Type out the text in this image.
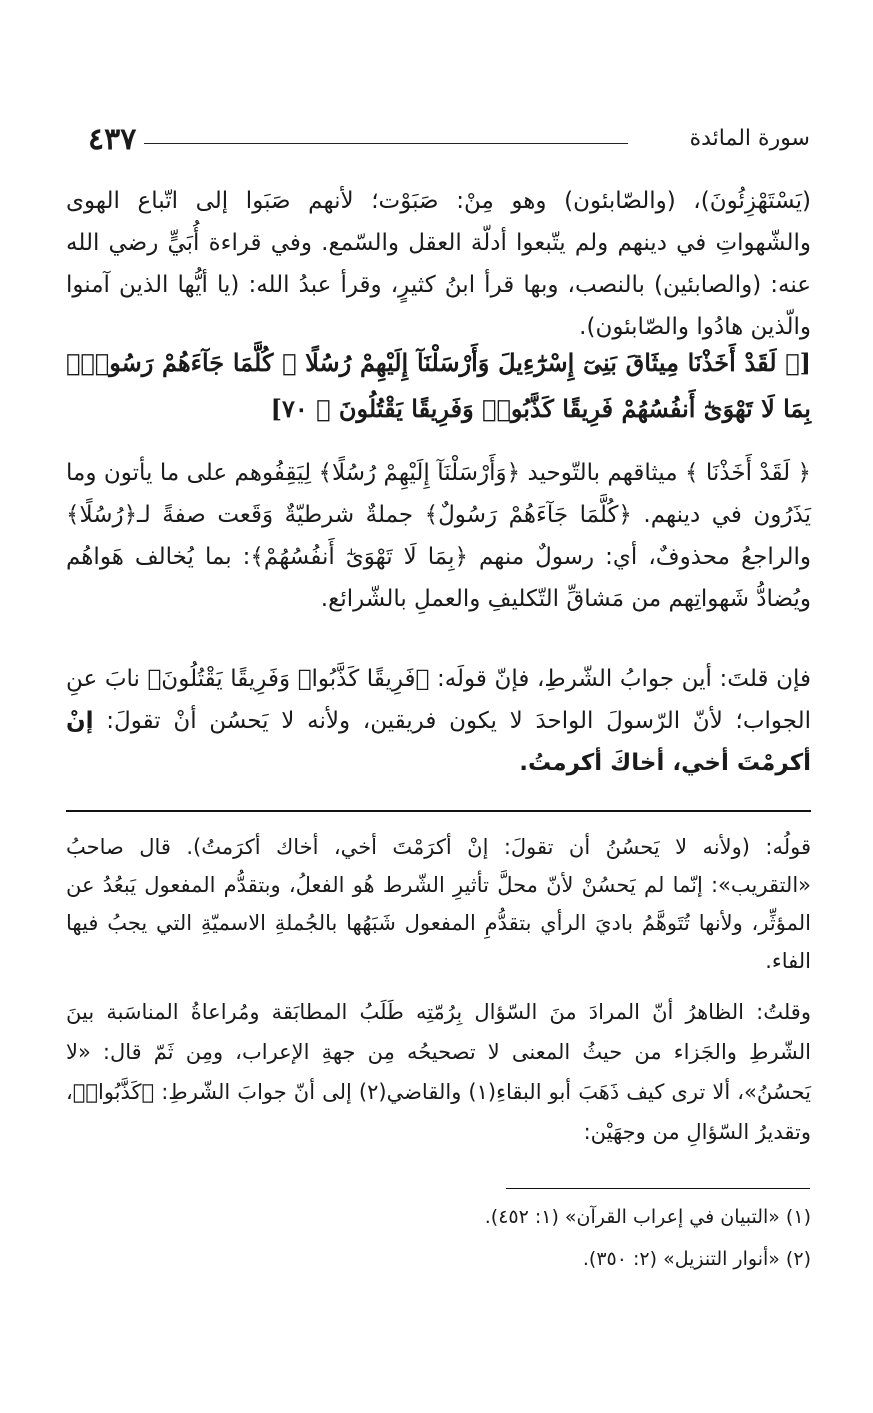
٤٣٧	سورة المائدة

(يَسْتَهْزِئُونَ)، (والصّابئون) وهو مِنْ: صَبَوْت؛ لأنهم صَبَوا إلى اتّباع الهوى والشّهواتِ في دينهم ولم يتّبعوا أدلّة العقل والسّمع. وفي قراءة أُبَيٍّ رضي الله عنه: (والصابئين) بالنصب، وبها قرأ ابنُ كثيرٍ، وقرأ عبدُ الله: (يا أيُّها الذين آمنوا والّذين هادُوا والصّابئون).

[﴿ لَقَدْ أَخَذْنَا مِيثَاقَ بَنِىٓ إِسْرَٰٓءِيلَ وَأَرْسَلْنَآ إِلَيْهِمْ رُسُلًا ۖ كُلَّمَا جَآءَهُمْ رَسُولٌۢ بِمَا لَا تَهْوَىٰٓ أَنفُسُهُمْ فَرِيقًا كَذَّبُوا۟ وَفَرِيقًا يَقْتُلُونَ ﴾ ٧٠]

﴿ لَقَدْ أَخَذْنَا ﴾ ميثاقهم بالتّوحيد ﴿وَأَرْسَلْنَآ إِلَيْهِمْ رُسُلًا﴾ لِيَقِفُوهم على ما يأتون وما يَذَرُون في دينهم. ﴿كُلَّمَا جَآءَهُمْ رَسُولٌ﴾ جملةٌ شرطيّةٌ وَقَعت صفةً لـ﴿رُسُلًا﴾ والراجعُ محذوفٌ، أي: رسولٌ منهم ﴿بِمَا لَا تَهْوَىٰٓ أَنفُسُهُمْ﴾: بما يُخالف هَواهُم ويُضادُّ شَهواتِهم من مَشاقِّ التّكليفِ والعملِ بالشّرائع.

فإن قلتَ: أين جوابُ الشّرطِ، فإنّ قولَه: ﴿فَرِيقًا كَذَّبُوا۟ وَفَرِيقًا يَقْتُلُونَ﴾ نابَ عنِ الجواب؛ لأنّ الرّسولَ الواحدَ لا يكون فريقين، ولأنه لا يَحسُن أنْ تقولَ: إنْ أكرمْتَ أخي، أخاكَ أكرمتُ.

قولُه: (ولأنه لا يَحسُنُ أن تقولَ: إنْ أكرَمْتَ أخي، أخاك أكرَمتُ). قال صاحبُ «التقريب»: إنّما لم يَحسُنْ لأنّ محلَّ تأثيرِ الشّرط هُو الفعلُ، وبتقدُّم المفعول يَبعُدُ عن المؤثِّر، ولأنها تُتَوهَّمُ باديَ الرأي بتقدُّمِ المفعول شَبَهُها بالجُملةِ الاسميّةِ التي يجبُ فيها الفاء.

وقلتُ: الظاهرُ أنّ المرادَ منَ السّؤال بِرُمّتِه طَلَبُ المطابَقة ومُراعاةُ المناسَبة بينَ الشّرطِ والجَزاء من حيثُ المعنى لا تصحيحُه مِن جهةِ الإعراب، ومِن ثَمّ قال: «لا يَحسُنُ»، ألا ترى كيف ذَهَبَ أبو البقاءِ(١) والقاضي(٢) إلى أنّ جوابَ الشّرطِ: ﴿كَذَّبُوا۟﴾، وتقديرُ السّؤالِ من وجهَيْن:

(١) «التبيان في إعراب القرآن» (١: ٤٥٢).
(٢) «أنوار التنزيل» (٢: ٣٥٠).
